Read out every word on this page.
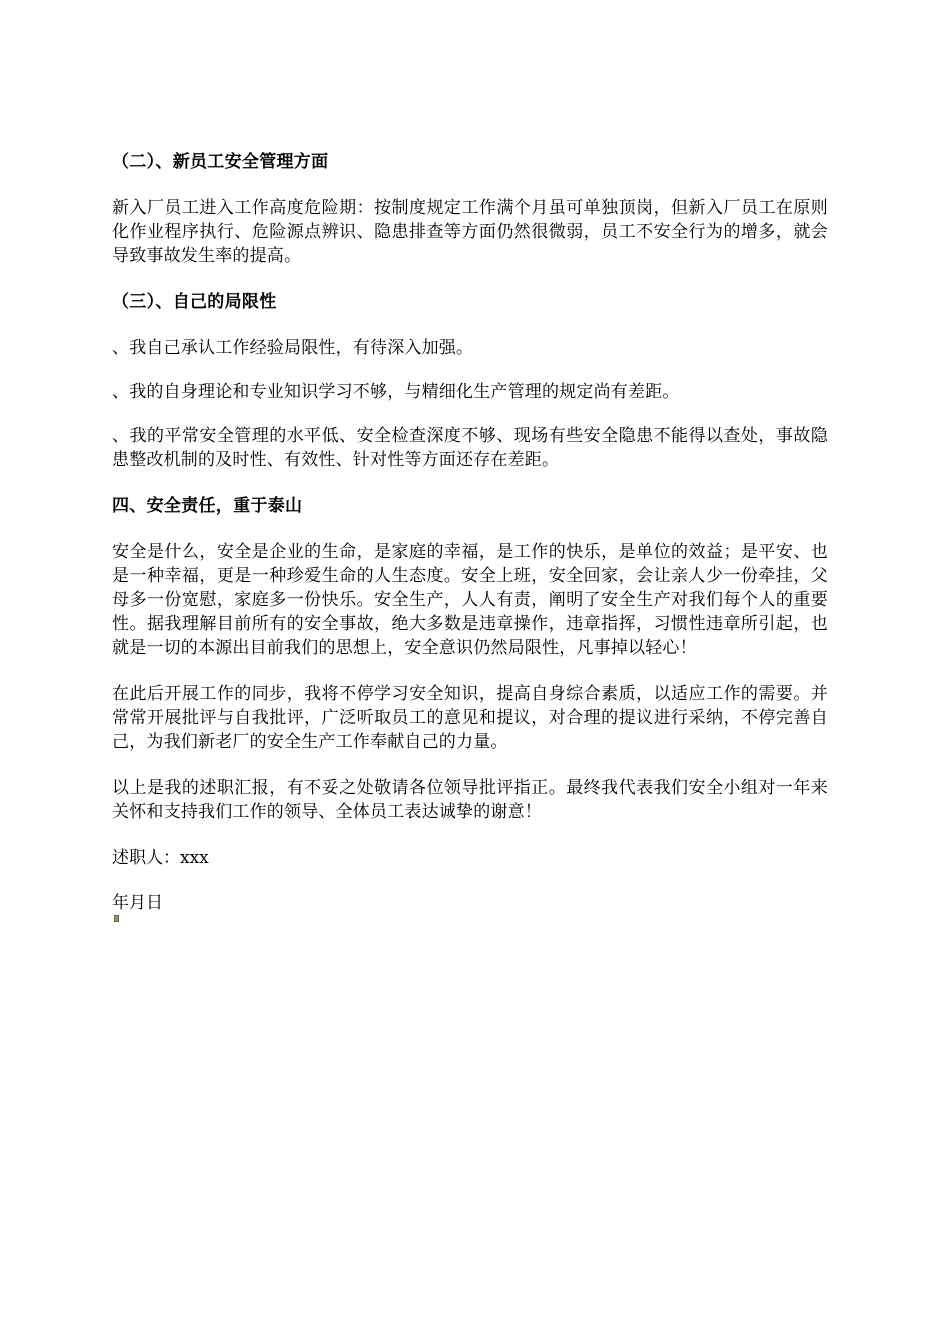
（二）、新员工安全管理方面
新入厂员工进入工作高度危险期：按制度规定工作满个月虽可单独顶岗，但新入厂员工在原则化作业程序执行、危险源点辨识、隐患排查等方面仍然很微弱，员工不安全行为的增多，就会导致事故发生率的提高。
（三）、自己的局限性
、我自己承认工作经验局限性，有待深入加强。
、我的自身理论和专业知识学习不够，与精细化生产管理的规定尚有差距。
、我的平常安全管理的水平低、安全检查深度不够、现场有些安全隐患不能得以查处，事故隐患整改机制的及时性、有效性、针对性等方面还存在差距。
四、安全责任，重于泰山
安全是什么，安全是企业的生命，是家庭的幸福，是工作的快乐，是单位的效益；是平安、也是一种幸福，更是一种珍爱生命的人生态度。安全上班，安全回家，会让亲人少一份牵挂，父母多一份宽慰，家庭多一份快乐。安全生产，人人有责，阐明了安全生产对我们每个人的重要性。据我理解目前所有的安全事故，绝大多数是违章操作，违章指挥，习惯性违章所引起，也就是一切的本源出目前我们的思想上，安全意识仍然局限性，凡事掉以轻心！
在此后开展工作的同步，我将不停学习安全知识，提高自身综合素质，以适应工作的需要。并常常开展批评与自我批评，广泛听取员工的意见和提议，对合理的提议进行采纳，不停完善自己，为我们新老厂的安全生产工作奉献自己的力量。
以上是我的述职汇报，有不妥之处敬请各位领导批评指正。最终我代表我们安全小组对一年来关怀和支持我们工作的领导、全体员工表达诚挚的谢意！
述职人：xxx
年月日
